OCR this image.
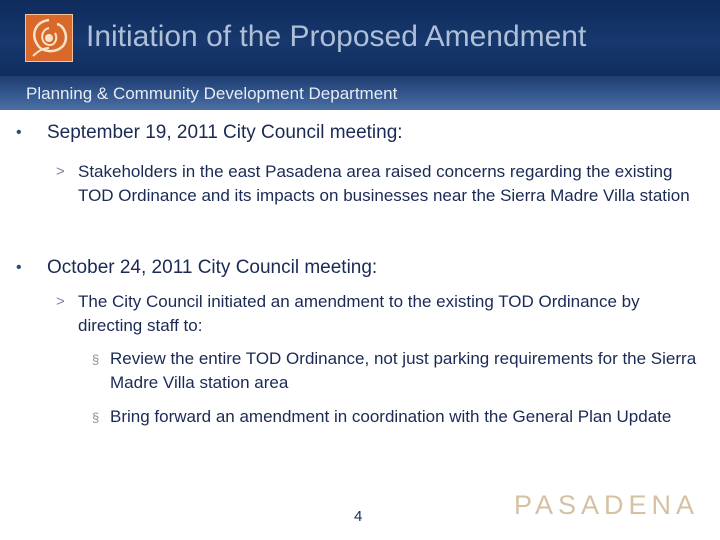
Initiation of the Proposed Amendment
Planning & Community Development Department
• September 19, 2011 City Council meeting:
> Stakeholders in the east Pasadena area raised concerns regarding the existing TOD Ordinance and its impacts on businesses near the Sierra Madre Villa station
• October 24, 2011 City Council meeting:
> The City Council initiated an amendment to the existing TOD Ordinance by directing staff to:
§ Review the entire TOD Ordinance, not just parking requirements for the Sierra Madre Villa station area
§ Bring forward an amendment in coordination with the General Plan Update
4	PASADENA
